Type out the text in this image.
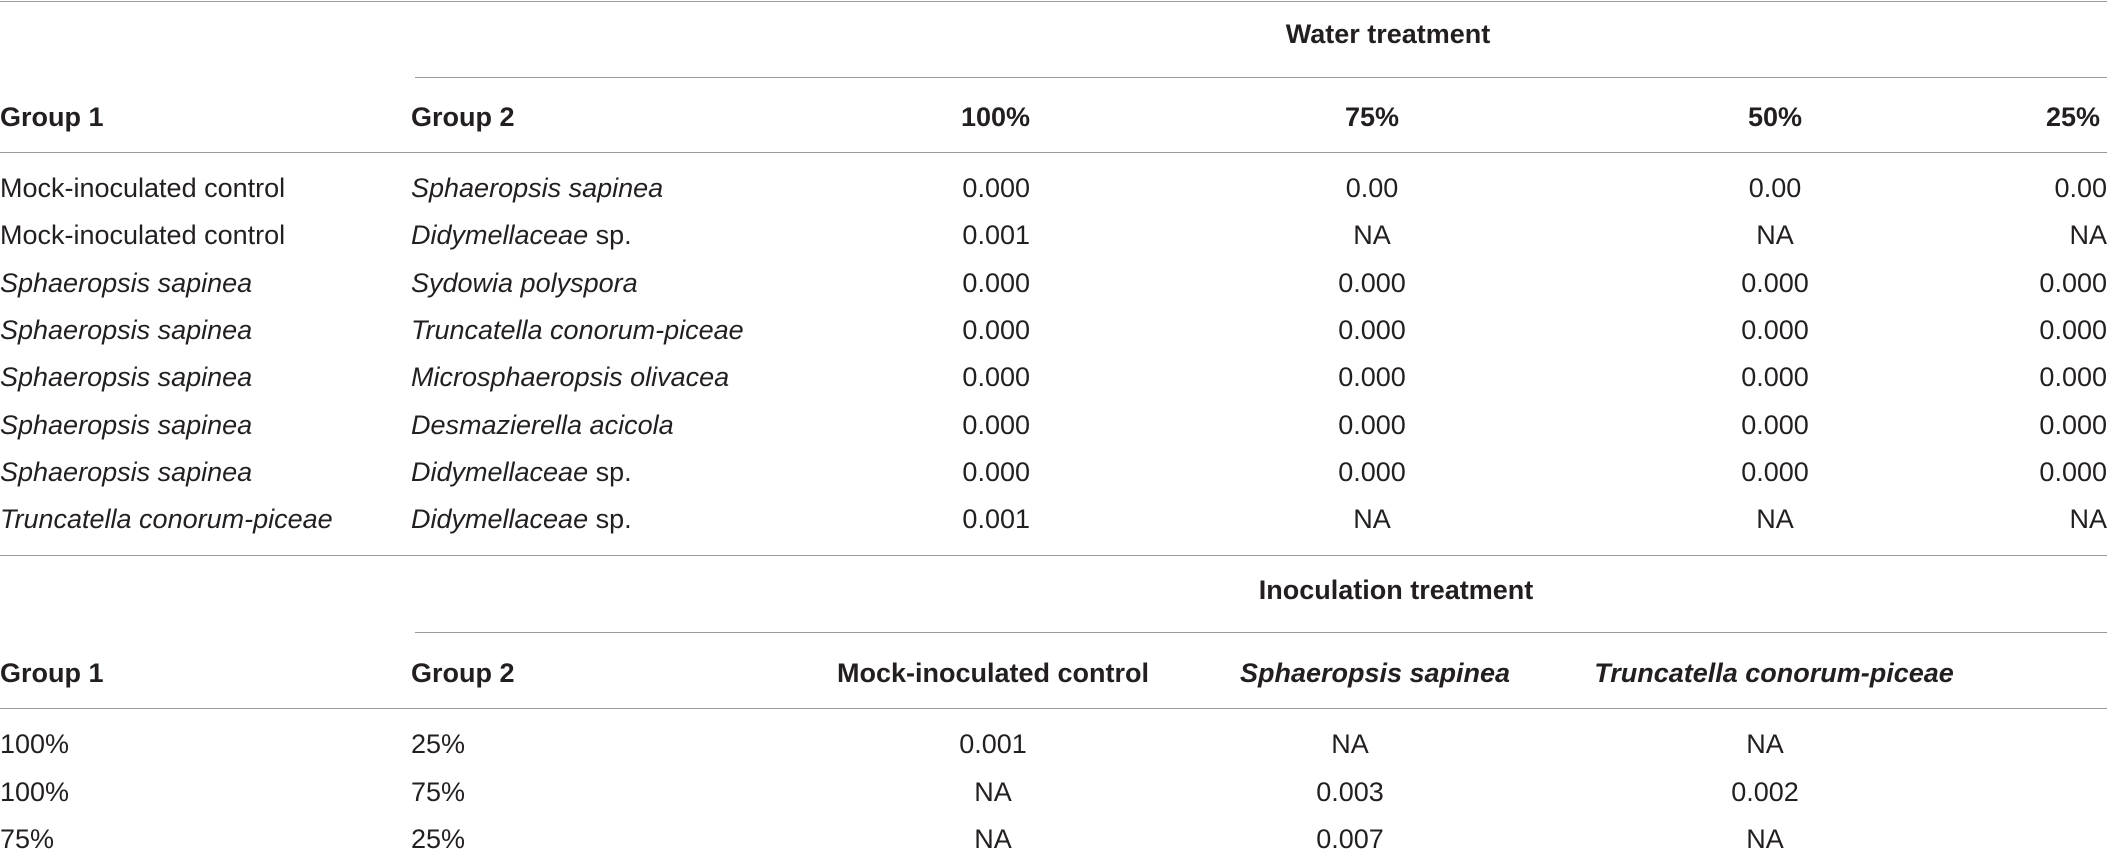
Water treatment
Group 1	Group 2	100%	75%	50%	25%
Mock-inoculated control	Sphaeropsis sapinea	0.000	0.00	0.00	0.00
Mock-inoculated control	Didymellaceae sp.	0.001	NA	NA	NA
Sphaeropsis sapinea	Sydowia polyspora	0.000	0.000	0.000	0.000
Sphaeropsis sapinea	Truncatella conorum-piceae	0.000	0.000	0.000	0.000
Sphaeropsis sapinea	Microsphaeropsis olivacea	0.000	0.000	0.000	0.000
Sphaeropsis sapinea	Desmazierella acicola	0.000	0.000	0.000	0.000
Sphaeropsis sapinea	Didymellaceae sp.	0.000	0.000	0.000	0.000
Truncatella conorum-piceae	Didymellaceae sp.	0.001	NA	NA	NA
Inoculation treatment
Group 1	Group 2	Mock-inoculated control	Sphaeropsis sapinea	Truncatella conorum-piceae
100%	25%	0.001	NA	NA
100%	75%	NA	0.003	0.002
75%	25%	NA	0.007	NA
